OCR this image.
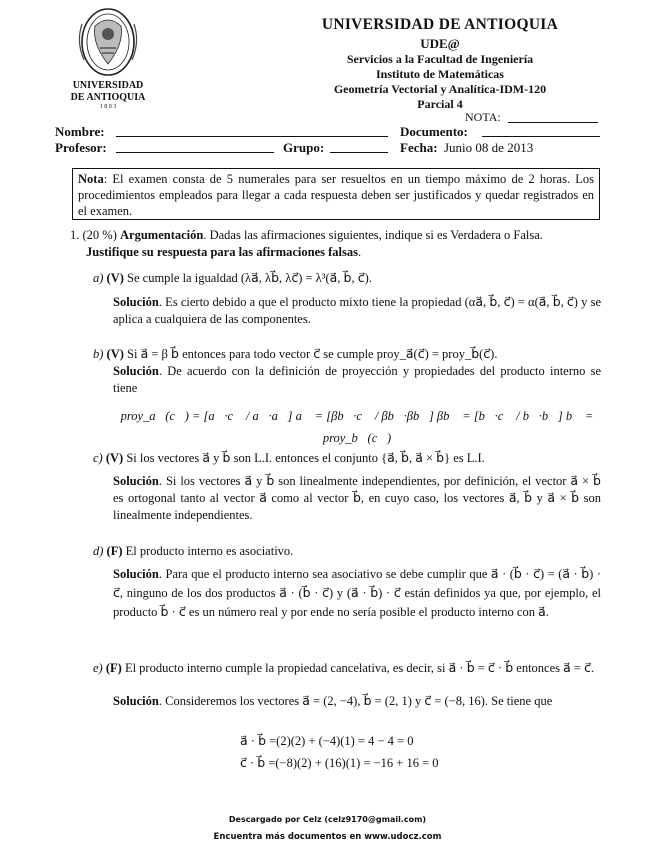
UNIVERSIDAD
DE ANTIOQUIA
1 8 0 3
UNIVERSIDAD DE ANTIOQUIA
UDE@
Servicios a la Facultad de Ingeniería
Instituto de Matemáticas
Geometría Vectorial y Analítica-IDM-120
Parcial 4
NOTA:
Nombre:	Documento:
Profesor:	Grupo:	Fecha: Junio 08 de 2013
Nota: El examen consta de 5 numerales para ser resueltos en un tiempo máximo de 2 horas. Los procedimientos empleados para llegar a cada respuesta deben ser justificados y quedar registrados en el examen.
1. (20 %) Argumentación. Dadas las afirmaciones siguientes, indique si es Verdadera o Falsa.
Justifique su respuesta para las afirmaciones falsas.
a) (V) Se cumple la igualdad (λa⃗, λb⃗, λc⃗) = λ³(a⃗, b⃗, c⃗).
Solución. Es cierto debido a que el producto mixto tiene la propiedad (αa⃗, b⃗, c⃗) = α(a⃗, b⃗, c⃗) y se aplica a cualquiera de las componentes.
b) (V) Si a⃗ = β b⃗ entonces para todo vector c⃗ se cumple proy_a⃗(c⃗) = proy_b⃗(c⃗).
Solución. De acuerdo con la definición de proyección y propiedades del producto interno se tiene
proy_a⃗(c⃗) = [a⃗·c⃗ / a⃗·a⃗] a⃗ = [βb⃗·c⃗ / βb⃗·βb⃗] βb⃗ = [b⃗·c⃗ / b⃗·b⃗] b⃗ = proy_b⃗(c⃗)
c) (V) Si los vectores a⃗ y b⃗ son L.I. entonces el conjunto {a⃗, b⃗, a⃗ × b⃗} es L.I.
Solución. Si los vectores a⃗ y b⃗ son linealmente independientes, por definición, el vector a⃗ × b⃗ es ortogonal tanto al vector a⃗ como al vector b⃗, en cuyo caso, los vectores a⃗, b⃗ y a⃗ × b⃗ son linealmente independientes.
d) (F) El producto interno es asociativo.
Solución. Para que el producto interno sea asociativo se debe cumplir que a⃗ · (b⃗ · c⃗) = (a⃗ · b⃗) · c⃗, ninguno de los dos productos a⃗ · (b⃗ · c⃗) y (a⃗ · b⃗) · c⃗ están definidos ya que, por ejemplo, el producto b⃗ · c⃗ es un número real y por ende no sería posible el producto interno con a⃗.
e) (F) El producto interno cumple la propiedad cancelativa, es decir, si a⃗ · b⃗ = c⃗ · b⃗ entonces a⃗ = c⃗.
Solución. Consideremos los vectores a⃗ = (2, −4), b⃗ = (2, 1) y c⃗ = (−8, 16). Se tiene que
a⃗ · b⃗ =(2)(2) + (−4)(1) = 4 − 4 = 0
c⃗ · b⃗ =(−8)(2) + (16)(1) = −16 + 16 = 0
Descargado por Celz (celz9170@gmail.com)
Encuentra más documentos en www.udocz.com
